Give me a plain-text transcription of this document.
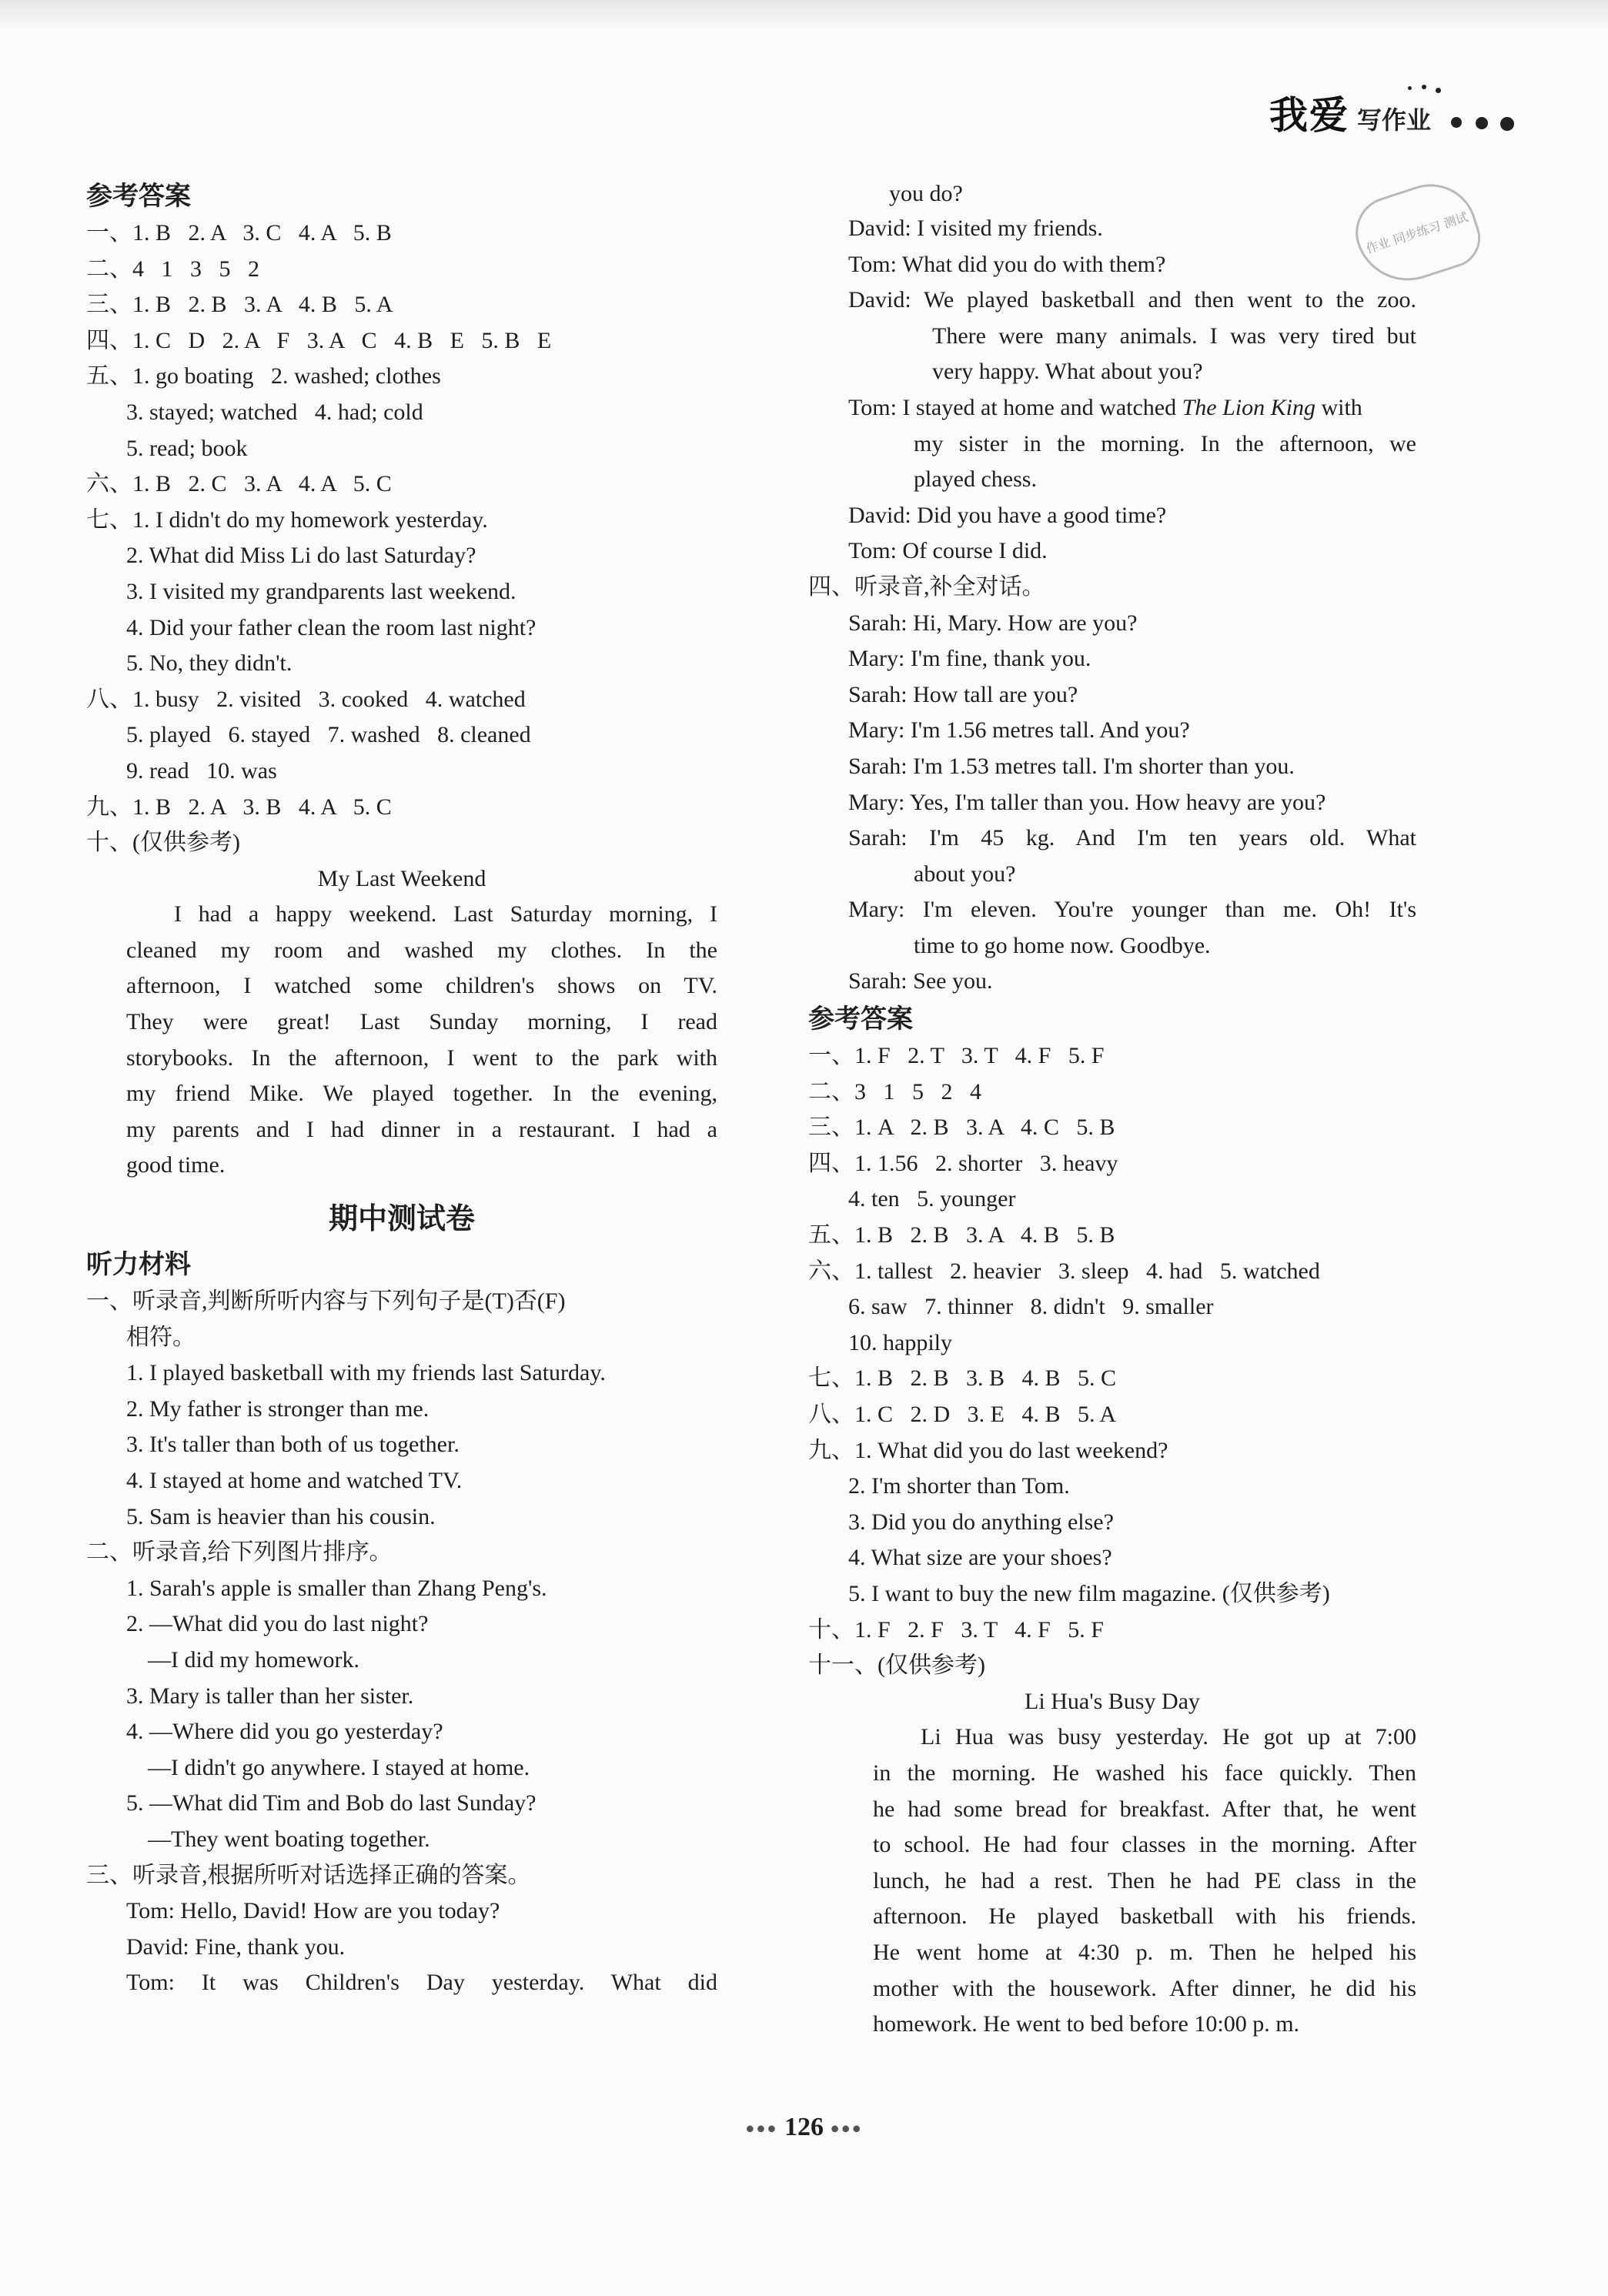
我爱 写作业
作业 同步练习 测试
参考答案
一、1. B   2. A   3. C   4. A   5. B
二、4   1   3   5   2
三、1. B   2. B   3. A   4. B   5. A
四、1. C   D   2. A   F   3. A   C   4. B   E   5. B   E
五、1. go boating   2. washed; clothes
3. stayed; watched   4. had; cold
5. read; book
六、1. B   2. C   3. A   4. A   5. C
七、1. I didn't do my homework yesterday.
2. What did Miss Li do last Saturday?
3. I visited my grandparents last weekend.
4. Did your father clean the room last night?
5. No, they didn't.
八、1. busy   2. visited   3. cooked   4. watched
5. played   6. stayed   7. washed   8. cleaned
9. read   10. was
九、1. B   2. A   3. B   4. A   5. C
十、(仅供参考)
My Last Weekend
I had a happy weekend. Last Saturday morning, I
cleaned my room and washed my clothes. In the
afternoon, I watched some children's shows on TV.
They were great! Last Sunday morning, I read
storybooks. In the afternoon, I went to the park with
my friend Mike. We played together. In the evening,
my parents and I had dinner in a restaurant. I had a
good time.
期中测试卷
听力材料
一、听录音,判断所听内容与下列句子是(T)否(F)
相符。
1. I played basketball with my friends last Saturday.
2. My father is stronger than me.
3. It's taller than both of us together.
4. I stayed at home and watched TV.
5. Sam is heavier than his cousin.
二、听录音,给下列图片排序。
1. Sarah's apple is smaller than Zhang Peng's.
2. —What did you do last night?
—I did my homework.
3. Mary is taller than her sister.
4. —Where did you go yesterday?
—I didn't go anywhere. I stayed at home.
5. —What did Tim and Bob do last Sunday?
—They went boating together.
三、听录音,根据所听对话选择正确的答案。
Tom: Hello, David! How are you today?
David: Fine, thank you.
Tom: It was Children's Day yesterday. What did
you do?
David: I visited my friends.
Tom: What did you do with them?
David: We played basketball and then went to the zoo.
There were many animals. I was very tired but
very happy. What about you?
Tom: I stayed at home and watched The Lion King with
my sister in the morning. In the afternoon, we
played chess.
David: Did you have a good time?
Tom: Of course I did.
四、听录音,补全对话。
Sarah: Hi, Mary. How are you?
Mary: I'm fine, thank you.
Sarah: How tall are you?
Mary: I'm 1.56 metres tall. And you?
Sarah: I'm 1.53 metres tall. I'm shorter than you.
Mary: Yes, I'm taller than you. How heavy are you?
Sarah: I'm 45 kg. And I'm ten years old. What
about you?
Mary: I'm eleven. You're younger than me. Oh! It's
time to go home now. Goodbye.
Sarah: See you.
参考答案
一、1. F   2. T   3. T   4. F   5. F
二、3   1   5   2   4
三、1. A   2. B   3. A   4. C   5. B
四、1. 1.56   2. shorter   3. heavy
4. ten   5. younger
五、1. B   2. B   3. A   4. B   5. B
六、1. tallest   2. heavier   3. sleep   4. had   5. watched
6. saw   7. thinner   8. didn't   9. smaller
10. happily
七、1. B   2. B   3. B   4. B   5. C
八、1. C   2. D   3. E   4. B   5. A
九、1. What did you do last weekend?
2. I'm shorter than Tom.
3. Did you do anything else?
4. What size are your shoes?
5. I want to buy the new film magazine. (仅供参考)
十、1. F   2. F   3. T   4. F   5. F
十一、(仅供参考)
Li Hua's Busy Day
Li Hua was busy yesterday. He got up at 7:00
in the morning. He washed his face quickly. Then
he had some bread for breakfast. After that, he went
to school. He had four classes in the morning. After
lunch, he had a rest. Then he had PE class in the
afternoon. He played basketball with his friends.
He went home at 4:30 p. m. Then he helped his
mother with the housework. After dinner, he did his
homework. He went to bed before 10:00 p. m.
●●● 126 ●●●
